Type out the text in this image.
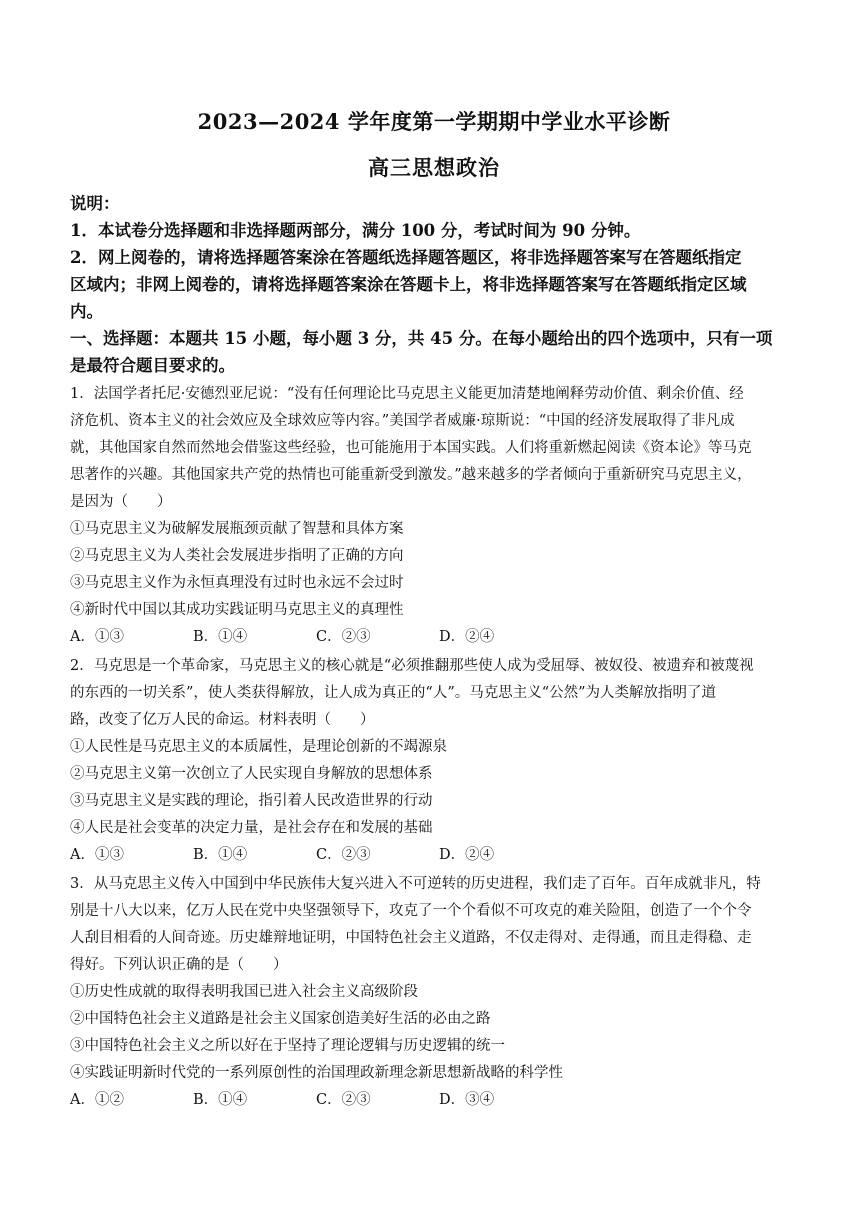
2023—2024 学年度第一学期期中学业水平诊断
高三思想政治
说明：
1．本试卷分选择题和非选择题两部分，满分 100 分，考试时间为 90 分钟。
2．网上阅卷的，请将选择题答案涂在答题纸选择题答题区，将非选择题答案写在答题纸指定
区域内；非网上阅卷的，请将选择题答案涂在答题卡上，将非选择题答案写在答题纸指定区域
内。
一、选择题：本题共 15 小题，每小题 3 分，共 45 分。在每小题给出的四个选项中，只有一项
是最符合题目要求的。
1．法国学者托尼·安德烈亚尼说：“没有任何理论比马克思主义能更加清楚地阐释劳动价值、剩余价值、经
济危机、资本主义的社会效应及全球效应等内容。”美国学者威廉·琼斯说：“中国的经济发展取得了非凡成
就，其他国家自然而然地会借鉴这些经验，也可能施用于本国实践。人们将重新燃起阅读《资本论》等马克
思著作的兴趣。其他国家共产党的热情也可能重新受到激发。”越来越多的学者倾向于重新研究马克思主义，
是因为（　　）
①马克思主义为破解发展瓶颈贡献了智慧和具体方案
②马克思主义为人类社会发展进步指明了正确的方向
③马克思主义作为永恒真理没有过时也永远不会过时
④新时代中国以其成功实践证明马克思主义的真理性
A．①③	B．①④	C．②③	D．②④
2．马克思是一个革命家，马克思主义的核心就是“必须推翻那些使人成为受屈辱、被奴役、被遗弃和被蔑视
的东西的一切关系”，使人类获得解放，让人成为真正的“人”。马克思主义“公然”为人类解放指明了道
路，改变了亿万人民的命运。材料表明（　　）
①人民性是马克思主义的本质属性，是理论创新的不竭源泉
②马克思主义第一次创立了人民实现自身解放的思想体系
③马克思主义是实践的理论，指引着人民改造世界的行动
④人民是社会变革的决定力量，是社会存在和发展的基础
A．①③	B．①④	C．②③	D．②④
3．从马克思主义传入中国到中华民族伟大复兴进入不可逆转的历史进程，我们走了百年。百年成就非凡，特
别是十八大以来，亿万人民在党中央坚强领导下，攻克了一个个看似不可攻克的难关险阻，创造了一个个令
人刮目相看的人间奇迹。历史雄辩地证明，中国特色社会主义道路，不仅走得对、走得通，而且走得稳、走
得好。下列认识正确的是（　　）
①历史性成就的取得表明我国已进入社会主义高级阶段
②中国特色社会主义道路是社会主义国家创造美好生活的必由之路
③中国特色社会主义之所以好在于坚持了理论逻辑与历史逻辑的统一
④实践证明新时代党的一系列原创性的治国理政新理念新思想新战略的科学性
A．①②	B．①④	C．②③	D．③④
